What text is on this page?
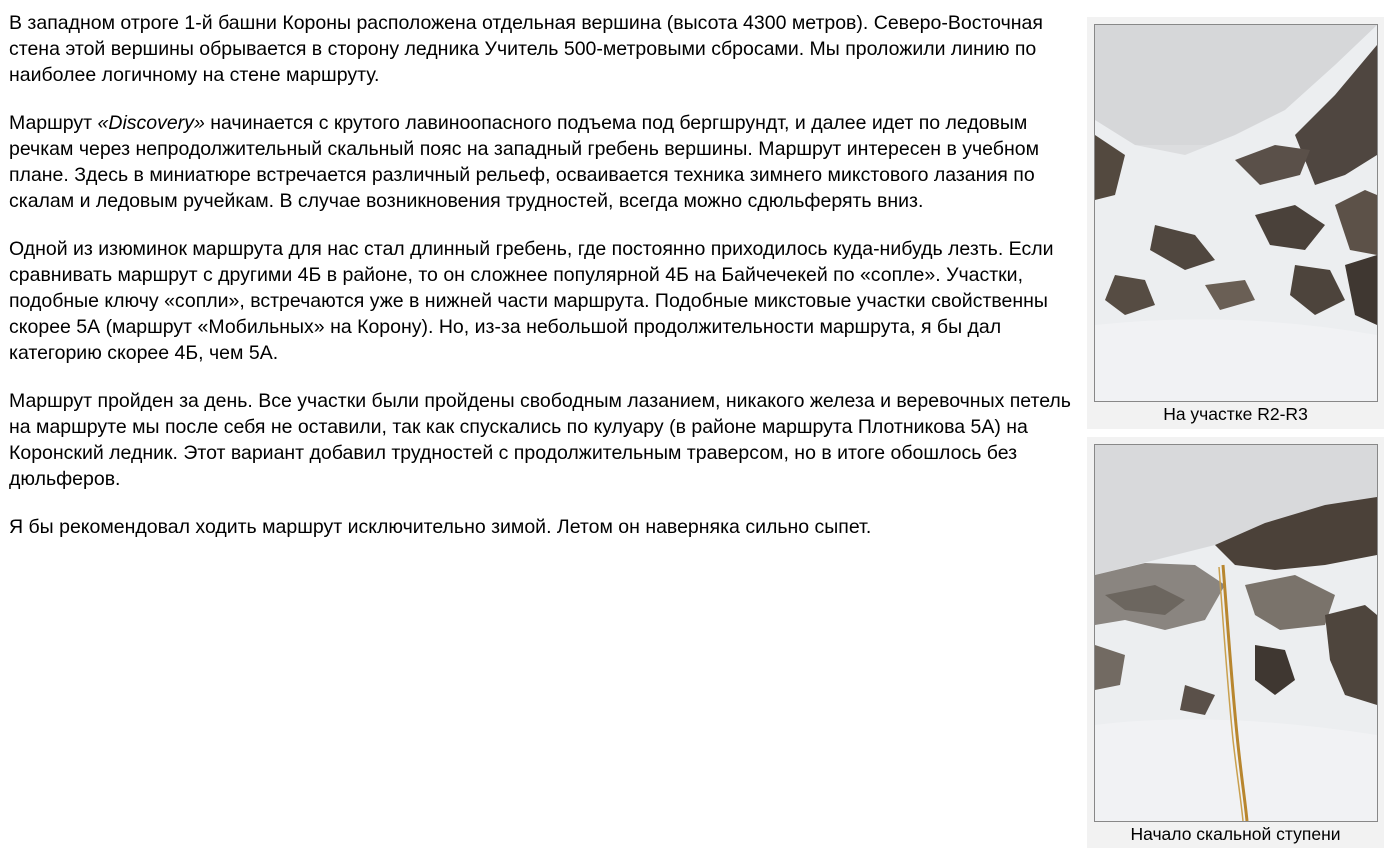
В западном отроге 1-й башни Короны расположена отдельная вершина (высота 4300 метров). Северо-Восточная стена этой вершины обрывается в сторону ледника Учитель 500-метровыми сбросами. Мы проложили линию по наиболее логичному на стене маршруту.

Маршрут «Discovery» начинается с крутого лавиноопасного подъема под бергшрундт, и далее идет по ледовым речкам через непродолжительный скальный пояс на западный гребень вершины. Маршрут интересен в учебном плане. Здесь в миниатюре встречается различный рельеф, осваивается техника зимнего микстового лазания по скалам и ледовым ручейкам. В случае возникновения трудностей, всегда можно сдюльферять вниз.

Одной из изюминок маршрута для нас стал длинный гребень, где постоянно приходилось куда-нибудь лезть. Если сравнивать маршрут с другими 4Б в районе, то он сложнее популярной 4Б на Байчечекей по «сопле». Участки, подобные ключу «сопли», встречаются уже в нижней части маршрута. Подобные микстовые участки свойственны скорее 5А (маршрут «Мобильных» на Корону). Но, из-за небольшой продолжительности маршрута, я бы дал категорию скорее 4Б, чем 5А.

Маршрут пройден за день. Все участки были пройдены свободным лазанием, никакого железа и веревочных петель на маршруте мы после себя не оставили, так как спускались по кулуару (в районе маршрута Плотникова 5А) на Коронский ледник. Этот вариант добавил трудностей с продолжительным траверсом, но в итоге обошлось без дюльферов.

Я бы рекомендовал ходить маршрут исключительно зимой. Летом он наверняка сильно сыпет.

На участке R2-R3
Начало скальной ступени
